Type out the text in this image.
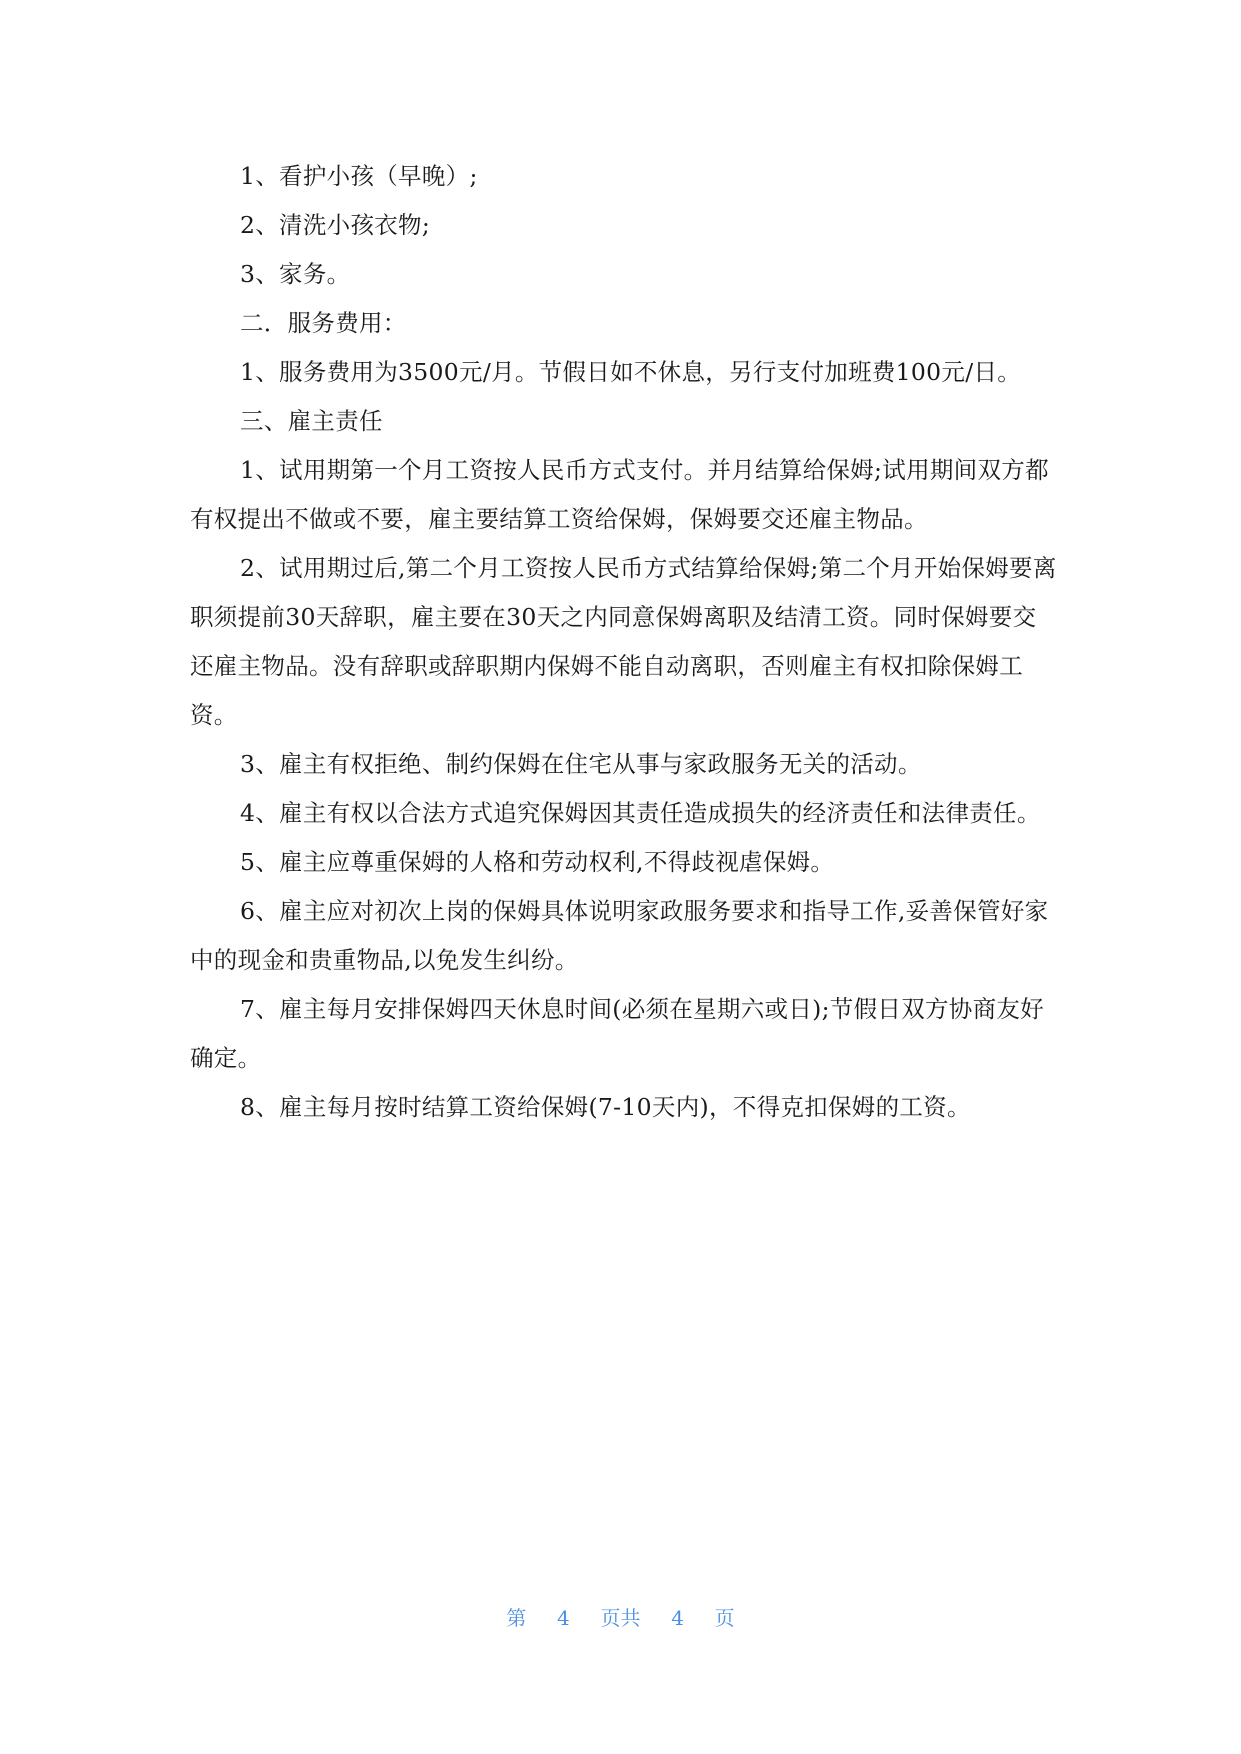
1、看护小孩（早晚）;

2、清洗小孩衣物;

3、家务。

二．服务费用：

1、服务费用为3500元/月。节假日如不休息，另行支付加班费100元/日。

三、雇主责任

1、试用期第一个月工资按人民币方式支付。并月结算给保姆;试用期间双方都有权提出不做或不要，雇主要结算工资给保姆，保姆要交还雇主物品。

2、试用期过后,第二个月工资按人民币方式结算给保姆;第二个月开始保姆要离职须提前30天辞职，雇主要在30天之内同意保姆离职及结清工资。同时保姆要交还雇主物品。没有辞职或辞职期内保姆不能自动离职，否则雇主有权扣除保姆工资。

3、雇主有权拒绝、制约保姆在住宅从事与家政服务无关的活动。

4、雇主有权以合法方式追究保姆因其责任造成损失的经济责任和法律责任。

5、雇主应尊重保姆的人格和劳动权利,不得歧视虐保姆。

6、雇主应对初次上岗的保姆具体说明家政服务要求和指导工作,妥善保管好家中的现金和贵重物品,以免发生纠纷。

7、雇主每月安排保姆四天休息时间(必须在星期六或日);节假日双方协商友好确定。

8、雇主每月按时结算工资给保姆(7-10天内)，不得克扣保姆的工资。

第 4 页共 4 页
